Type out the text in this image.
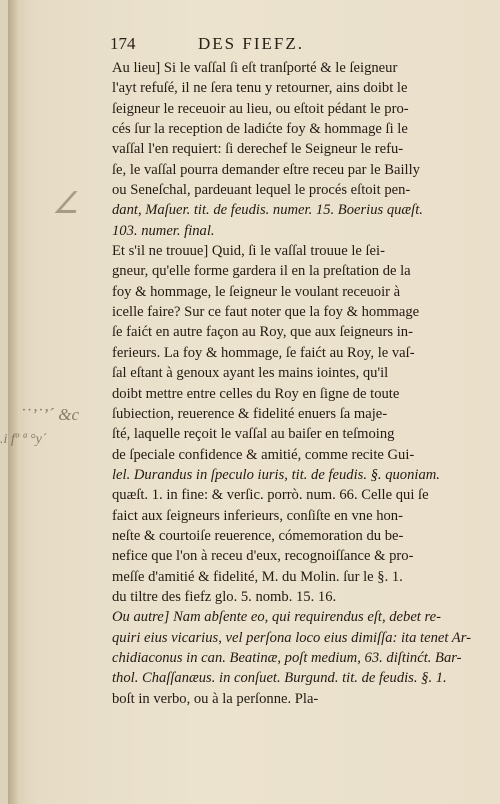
174	DES FIEFZ.
∠
˙˙’˙’´ &c
.i fº ª °y´
Au lieu] Si le vaſſal ſi eſt tranſporté & le ſeigneur
l'ayt refuſé, il ne ſera tenu y retourner, ains doibt le
ſeigneur le receuoir au lieu, ou eſtoit pédant le pro-
cés ſur la reception de ladićte foy & hommage ſi le
vaſſal l'en requiert: ſi derechef le Seigneur le refu-
ſe, le vaſſal pourra demander eſtre receu par le Bailly
ou Seneſchal, pardeuant lequel le procés eſtoit pen-
dant, Maſuer. tit. de feudis. numer. 15. Boerius quæſt.
103. numer. final.
Et s'il ne trouue] Quid, ſi le vaſſal trouue le ſei-
gneur, qu'elle forme gardera il en la preſtation de la
foy & hommage, le ſeigneur le voulant receuoir à
icelle faire? Sur ce faut noter que la foy & hommage
ſe faićt en autre façon au Roy, que aux ſeigneurs in-
ferieurs. La foy & hommage, ſe faićt au Roy, le vaſ-
ſal eſtant à genoux ayant les mains iointes, qu'il
doibt mettre entre celles du Roy en ſigne de toute
ſubiection, reuerence & fidelité enuers ſa maje-
ſté, laquelle reçoit le vaſſal au baiſer en teſmoing
de ſpeciale confidence & amitié, comme recite Gui-
lel. Durandus in ſpeculo iuris, tit. de feudis. §. quoniam.
quæſt. 1. in fine: & verſic. porrò. num. 66. Celle qui ſe
faict aux ſeigneurs inferieurs, conſiſte en vne hon-
neſte & courtoiſe reuerence, cómemoration du be-
nefice que l'on à receu d'eux, recognoiſſance & pro-
meſſe d'amitié & fidelité, M. du Molin. ſur le §. 1.
du tiltre des fiefz glo. 5. nomb. 15. 16.
Ou autre] Nam abſente eo, qui requirendus eſt, debet re-
quiri eius vicarius, vel perſona loco eius dimiſſa: ita tenet Ar-
chidiaconus in can. Beatinæ, poſt medium, 63. diſtinćt. Bar-
thol. Chaſſanæus. in conſuet. Burgund. tit. de feudis. §. 1.
boſt in verbo, ou à la perſonne. Pla-
